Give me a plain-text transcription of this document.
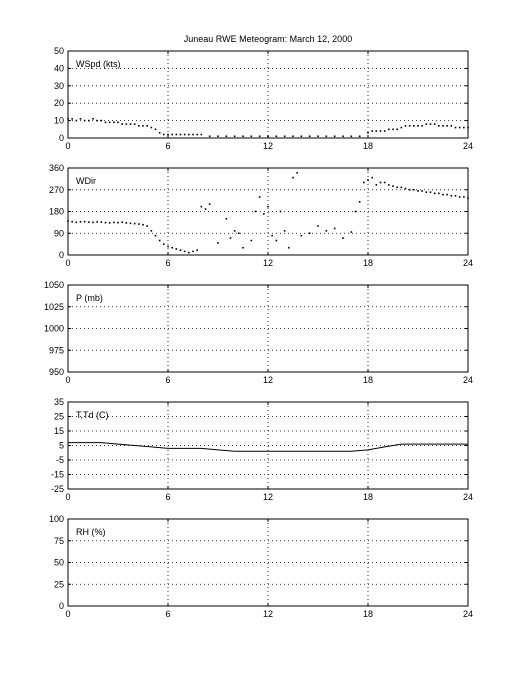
Juneau RWE Meteogram: March 12, 2000
0
10
20
30
40
50
0	6	12	18	24
WSpd (kts)
0
90
180
270
360
0	6	12	18	24
WDir
950
975
1000
1025
1050
0	6	12	18	24
P (mb)
-25
-15
-5
5
15
25
35
0	6	12	18	24
T,Td (C)
0
25
50
75
100
0	6	12	18	24
RH (%)
